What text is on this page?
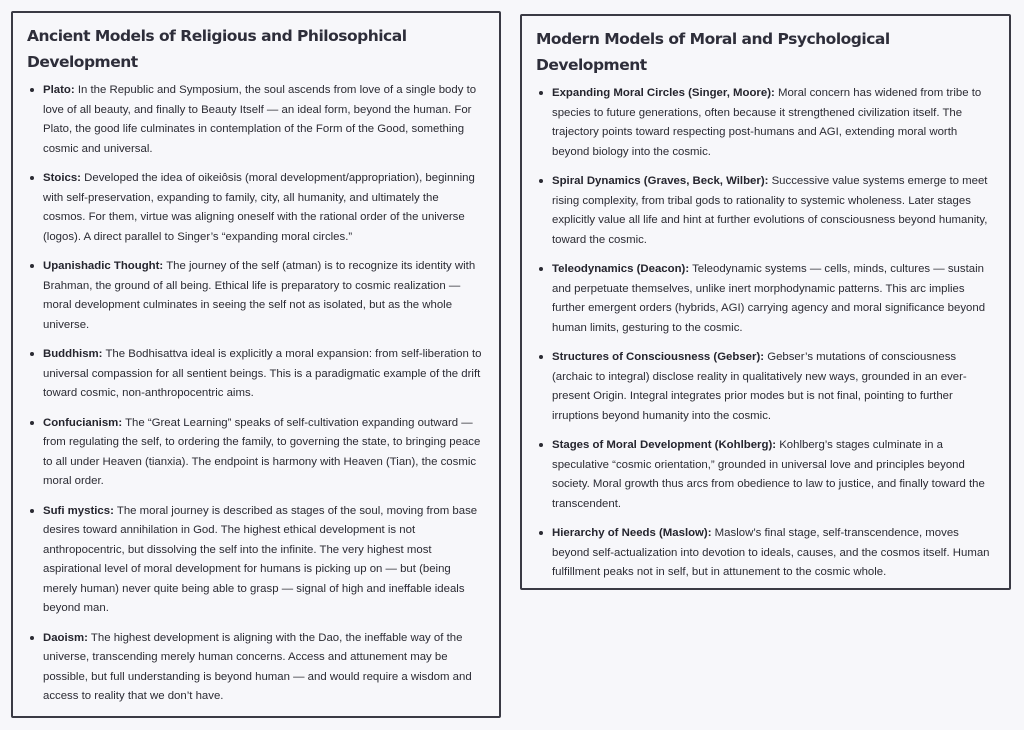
Ancient Models of Religious and Philosophical Development
Plato: In the Republic and Symposium, the soul ascends from love of a single body to love of all beauty, and finally to Beauty Itself — an ideal form, beyond the human. For Plato, the good life culminates in contemplation of the Form of the Good, something cosmic and universal.
Stoics: Developed the idea of oikeiôsis (moral development/appropriation), beginning with self-preservation, expanding to family, city, all humanity, and ultimately the cosmos. For them, virtue was aligning oneself with the rational order of the universe (logos). A direct parallel to Singer’s “expanding moral circles.”
Upanishadic Thought: The journey of the self (atman) is to recognize its identity with Brahman, the ground of all being. Ethical life is preparatory to cosmic realization — moral development culminates in seeing the self not as isolated, but as the whole universe.
Buddhism: The Bodhisattva ideal is explicitly a moral expansion: from self-liberation to universal compassion for all sentient beings. This is a paradigmatic example of the drift toward cosmic, non-anthropocentric aims.
Confucianism: The “Great Learning” speaks of self-cultivation expanding outward — from regulating the self, to ordering the family, to governing the state, to bringing peace to all under Heaven (tianxia). The endpoint is harmony with Heaven (Tian), the cosmic moral order.
Sufi mystics: The moral journey is described as stages of the soul, moving from base desires toward annihilation in God. The highest ethical development is not anthropocentric, but dissolving the self into the infinite. The very highest most aspirational level of moral development for humans is picking up on — but (being merely human) never quite being able to grasp — signal of high and ineffable ideals beyond man.
Daoism: The highest development is aligning with the Dao, the ineffable way of the universe, transcending merely human concerns. Access and attunement may be possible, but full understanding is beyond human — and would require a wisdom and access to reality that we don’t have.
Modern Models of Moral and Psychological Development
Expanding Moral Circles (Singer, Moore): Moral concern has widened from tribe to species to future generations, often because it strengthened civilization itself. The trajectory points toward respecting post-humans and AGI, extending moral worth beyond biology into the cosmic.
Spiral Dynamics (Graves, Beck, Wilber): Successive value systems emerge to meet rising complexity, from tribal gods to rationality to systemic wholeness. Later stages explicitly value all life and hint at further evolutions of consciousness beyond humanity, toward the cosmic.
Teleodynamics (Deacon): Teleodynamic systems — cells, minds, cultures — sustain and perpetuate themselves, unlike inert morphodynamic patterns. This arc implies further emergent orders (hybrids, AGI) carrying agency and moral significance beyond human limits, gesturing to the cosmic.
Structures of Consciousness (Gebser): Gebser’s mutations of consciousness (archaic to integral) disclose reality in qualitatively new ways, grounded in an ever-present Origin. Integral integrates prior modes but is not final, pointing to further irruptions beyond humanity into the cosmic.
Stages of Moral Development (Kohlberg): Kohlberg’s stages culminate in a speculative “cosmic orientation,” grounded in universal love and principles beyond society. Moral growth thus arcs from obedience to law to justice, and finally toward the transcendent.
Hierarchy of Needs (Maslow): Maslow’s final stage, self-transcendence, moves beyond self-actualization into devotion to ideals, causes, and the cosmos itself. Human fulfillment peaks not in self, but in attunement to the cosmic whole.
